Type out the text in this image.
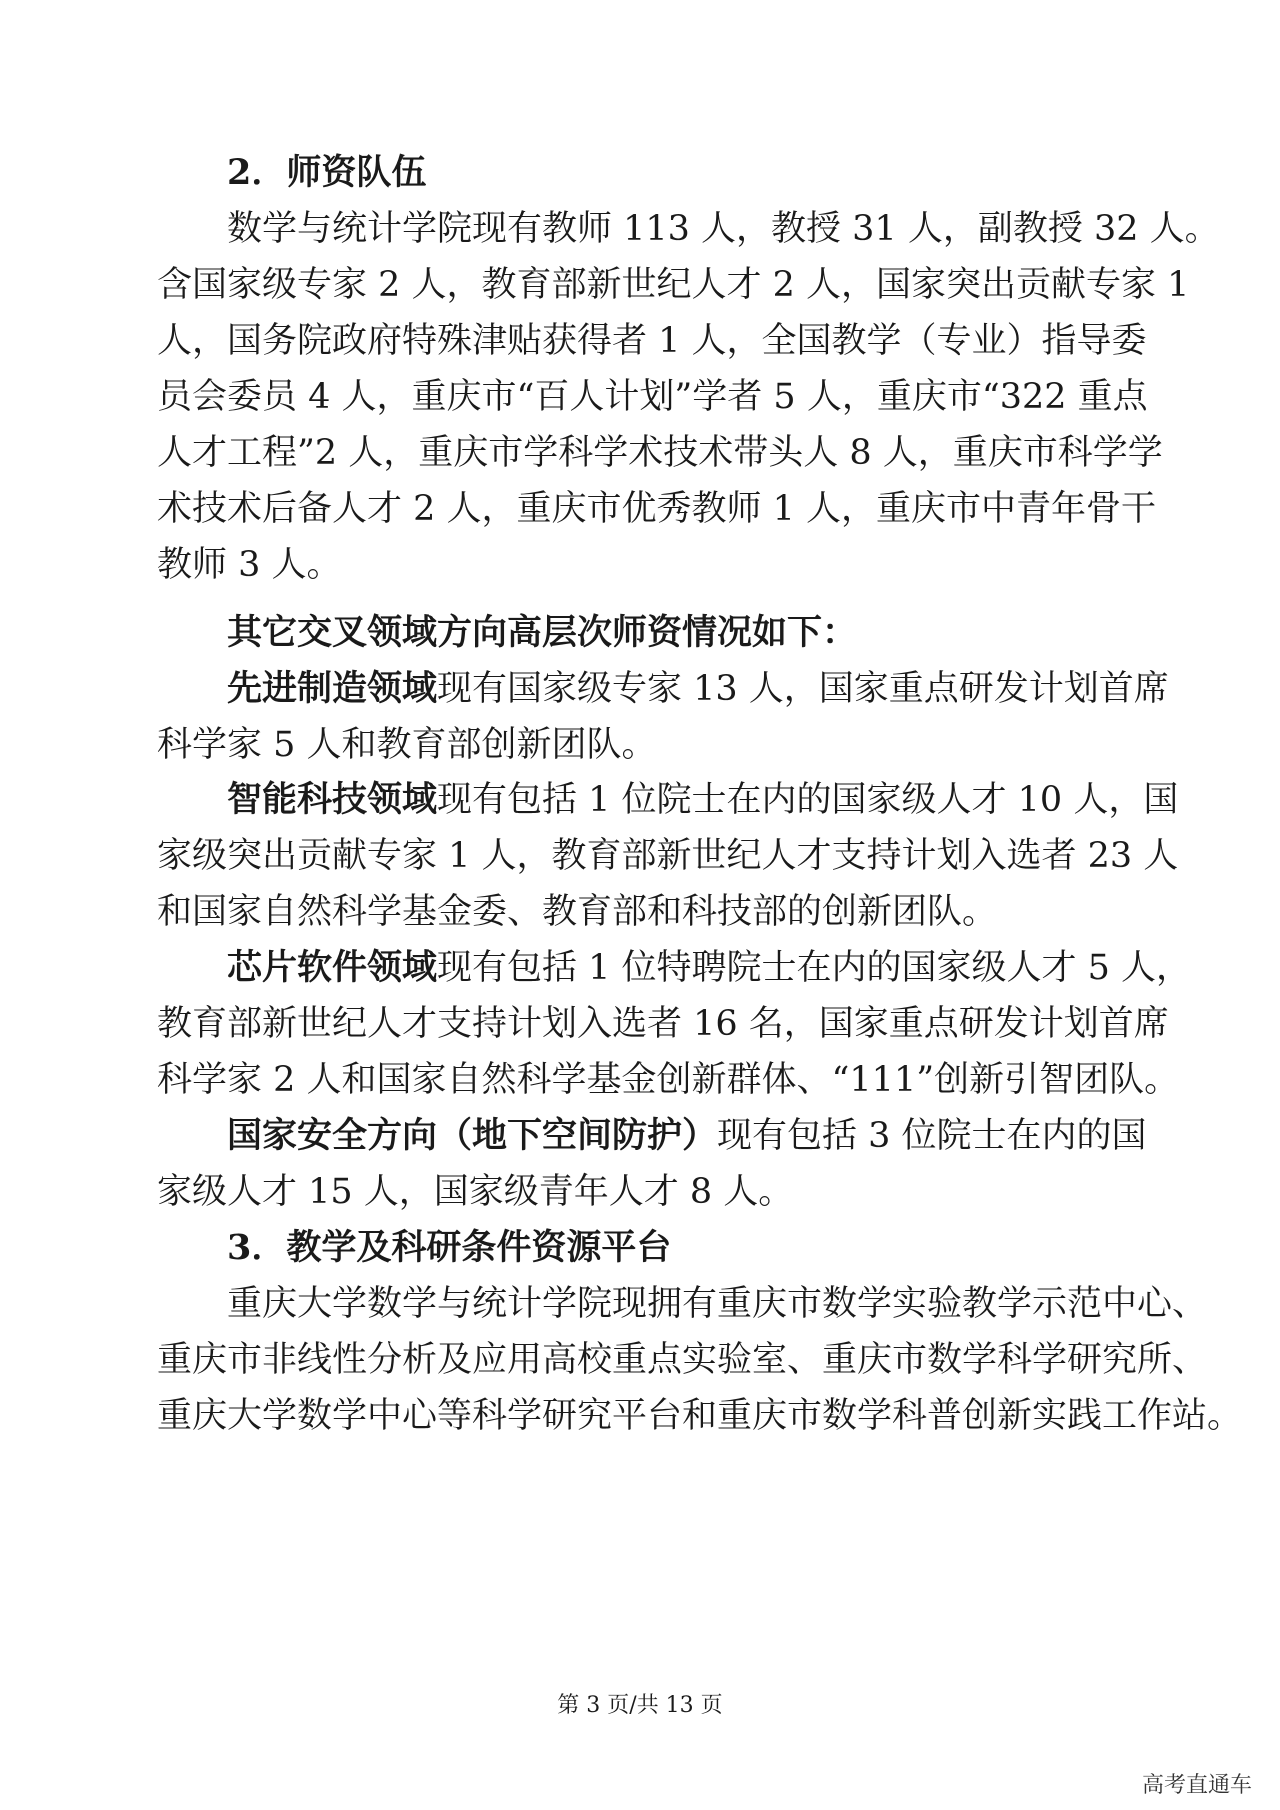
2．师资队伍
数学与统计学院现有教师 113 人，教授 31 人，副教授 32 人。
含国家级专家 2 人，教育部新世纪人才 2 人，国家突出贡献专家 1
人，国务院政府特殊津贴获得者 1 人，全国教学（专业）指导委
员会委员 4 人，重庆市“百人计划”学者 5 人，重庆市“322 重点
人才工程”2 人，重庆市学科学术技术带头人 8 人，重庆市科学学
术技术后备人才 2 人，重庆市优秀教师 1 人，重庆市中青年骨干
教师 3 人。
其它交叉领域方向高层次师资情况如下：
先进制造领域现有国家级专家 13 人，国家重点研发计划首席
科学家 5 人和教育部创新团队。
智能科技领域现有包括 1 位院士在内的国家级人才 10 人，国
家级突出贡献专家 1 人，教育部新世纪人才支持计划入选者 23 人
和国家自然科学基金委、教育部和科技部的创新团队。
芯片软件领域现有包括 1 位特聘院士在内的国家级人才 5 人，
教育部新世纪人才支持计划入选者 16 名，国家重点研发计划首席
科学家 2 人和国家自然科学基金创新群体、“111”创新引智团队。
国家安全方向（地下空间防护）现有包括 3 位院士在内的国
家级人才 15 人，国家级青年人才 8 人。
3．教学及科研条件资源平台
重庆大学数学与统计学院现拥有重庆市数学实验教学示范中心、
重庆市非线性分析及应用高校重点实验室、重庆市数学科学研究所、
重庆大学数学中心等科学研究平台和重庆市数学科普创新实践工作站。
第 3 页/共 13 页
高考直通车
